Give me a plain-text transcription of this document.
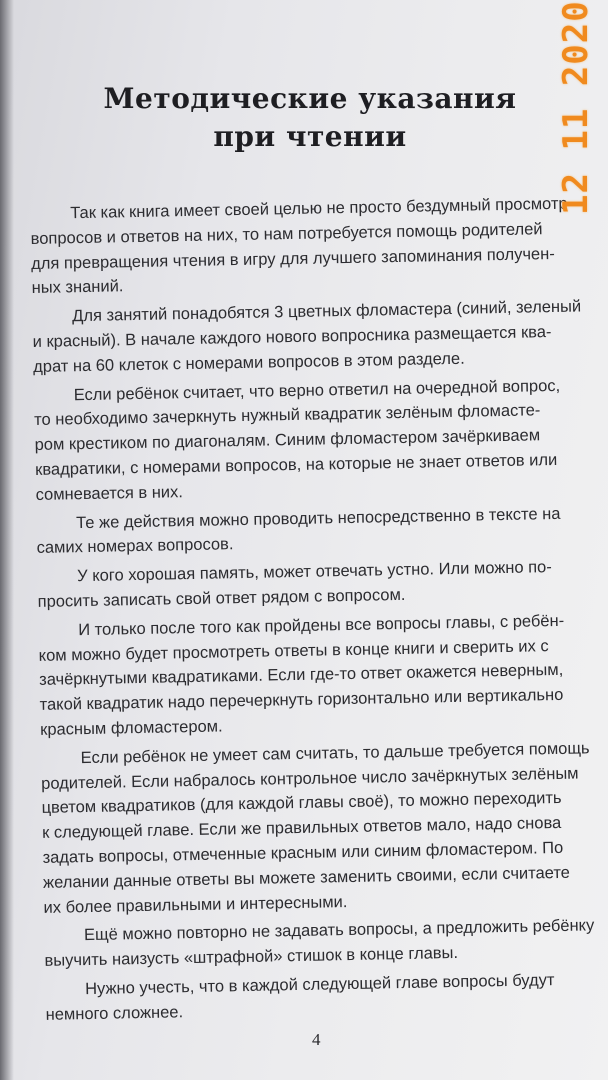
Методические указания
при чтении
Так как книга имеет своей целью не просто бездумный просмотр
вопросов и ответов на них, то нам потребуется помощь родителей
для превращения чтения в игру для лучшего запоминания получен-
ных знаний.
Для занятий понадобятся 3 цветных фломастера (синий, зеленый
и красный). В начале каждого нового вопросника размещается ква-
драт на 60 клеток с номерами вопросов в этом разделе.
Если ребёнок считает, что верно ответил на очередной вопрос,
то необходимо зачеркнуть нужный квадратик зелёным фломасте-
ром крестиком по диагоналям. Синим фломастером зачёркиваем
квадратики, с номерами вопросов, на которые не знает ответов или
сомневается в них.
Те же действия можно проводить непосредственно в тексте на
самих номерах вопросов.
У кого хорошая память, может отвечать устно. Или можно по-
просить записать свой ответ рядом с вопросом.
И только после того как пройдены все вопросы главы, с ребён-
ком можно будет просмотреть ответы в конце книги и сверить их с
зачёркнутыми квадратиками. Если где-то ответ окажется неверным,
такой квадратик надо перечеркнуть горизонтально или вертикально
красным фломастером.
Если ребёнок не умеет сам считать, то дальше требуется помощь
родителей. Если набралось контрольное число зачёркнутых зелёным
цветом квадратиков (для каждой главы своё), то можно переходить
к следующей главе. Если же правильных ответов мало, надо снова
задать вопросы, отмеченные красным или синим фломастером. По
желании данные ответы вы можете заменить своими, если считаете
их более правильными и интересными.
Ещё можно повторно не задавать вопросы, а предложить ребёнку
выучить наизусть «штрафной» стишок в конце главы.
Нужно учесть, что в каждой следующей главе вопросы будут
немного сложнее.
4
12 11 2020
